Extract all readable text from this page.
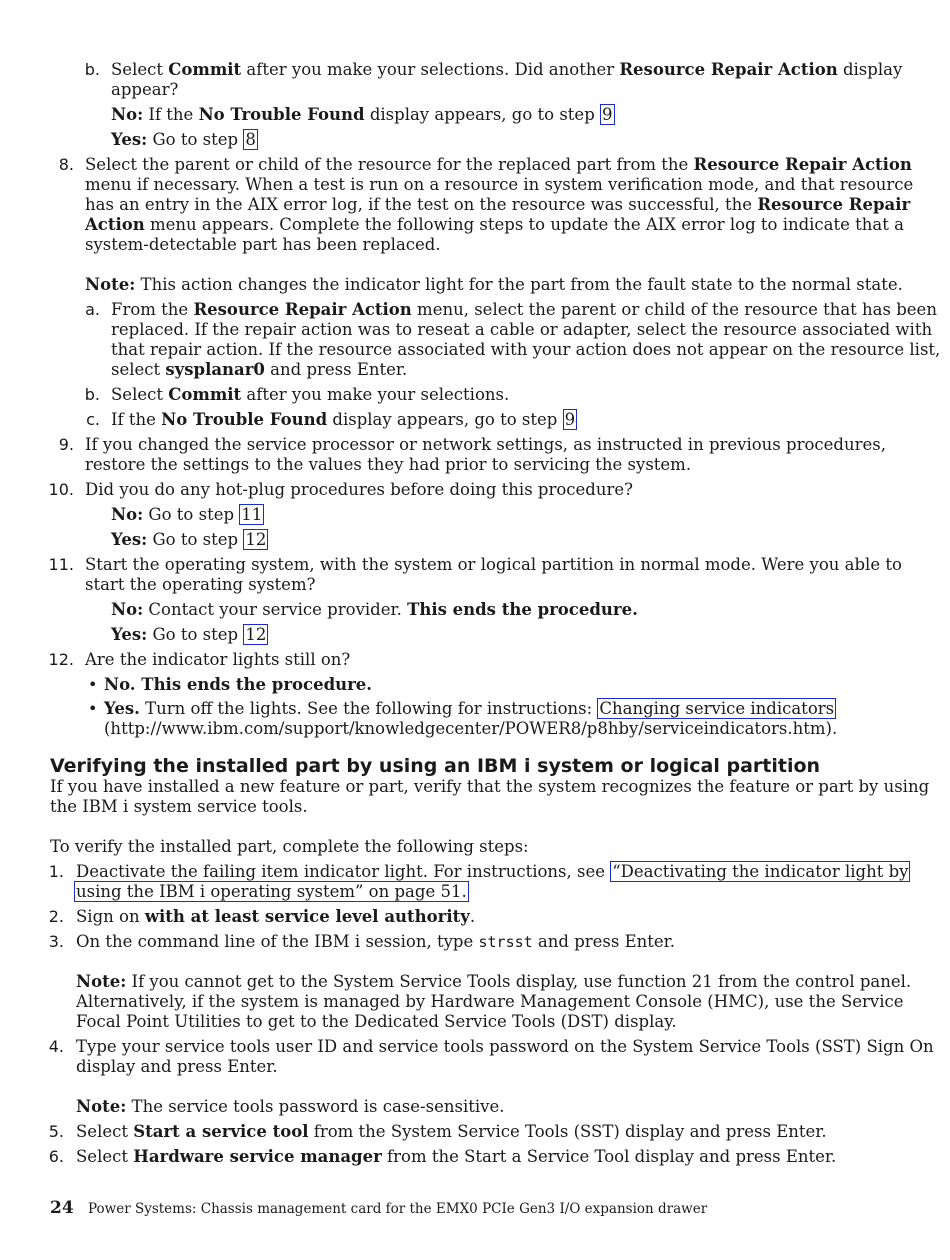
b. Select Commit after you make your selections. Did another Resource Repair Action display
appear?
No: If the No Trouble Found display appears, go to step 9
Yes: Go to step 8
8. Select the parent or child of the resource for the replaced part from the Resource Repair Action
menu if necessary. When a test is run on a resource in system verification mode, and that resource
has an entry in the AIX error log, if the test on the resource was successful, the Resource Repair
Action menu appears. Complete the following steps to update the AIX error log to indicate that a
system-detectable part has been replaced.
Note: This action changes the indicator light for the part from the fault state to the normal state.
a. From the Resource Repair Action menu, select the parent or child of the resource that has been
replaced. If the repair action was to reseat a cable or adapter, select the resource associated with
that repair action. If the resource associated with your action does not appear on the resource list,
select sysplanar0 and press Enter.
b. Select Commit after you make your selections.
c. If the No Trouble Found display appears, go to step 9
9. If you changed the service processor or network settings, as instructed in previous procedures,
restore the settings to the values they had prior to servicing the system.
10. Did you do any hot-plug procedures before doing this procedure?
No: Go to step 11
Yes: Go to step 12
11. Start the operating system, with the system or logical partition in normal mode. Were you able to
start the operating system?
No: Contact your service provider. This ends the procedure.
Yes: Go to step 12
12. Are the indicator lights still on?
• No. This ends the procedure.
• Yes. Turn off the lights. See the following for instructions: Changing service indicators
(http://www.ibm.com/support/knowledgecenter/POWER8/p8hby/serviceindicators.htm).
Verifying the installed part by using an IBM i system or logical partition
If you have installed a new feature or part, verify that the system recognizes the feature or part by using
the IBM i system service tools.
To verify the installed part, complete the following steps:
1. Deactivate the failing item indicator light. For instructions, see “Deactivating the indicator light by
using the IBM i operating system” on page 51.
2. Sign on with at least service level authority.
3. On the command line of the IBM i session, type strsst and press Enter.
Note: If you cannot get to the System Service Tools display, use function 21 from the control panel.
Alternatively, if the system is managed by Hardware Management Console (HMC), use the Service
Focal Point Utilities to get to the Dedicated Service Tools (DST) display.
4. Type your service tools user ID and service tools password on the System Service Tools (SST) Sign On
display and press Enter.
Note: The service tools password is case-sensitive.
5. Select Start a service tool from the System Service Tools (SST) display and press Enter.
6. Select Hardware service manager from the Start a Service Tool display and press Enter.
24 Power Systems: Chassis management card for the EMX0 PCIe Gen3 I/O expansion drawer
